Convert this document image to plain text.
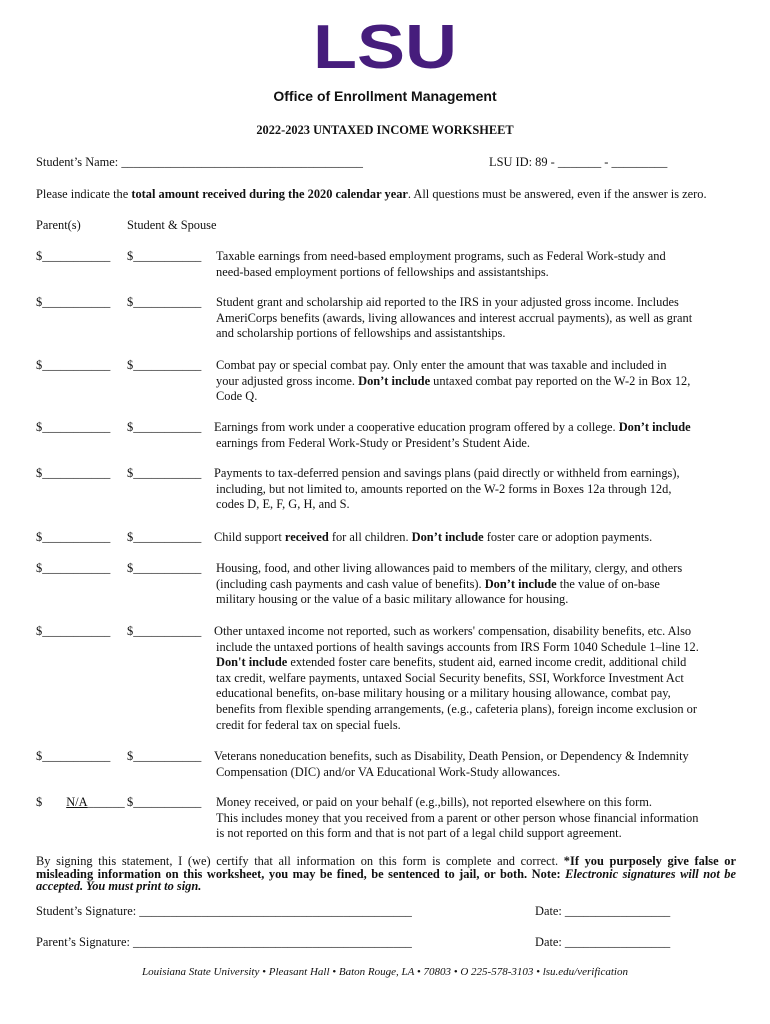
LSU
Office of Enrollment Management
2022-2023 UNTAXED INCOME WORKSHEET
Student’s Name: _______________________________________	LSU ID: 89 - _______ - _________
Please indicate the total amount received during the 2020 calendar year. All questions must be answered, even if the answer is zero.
Parent(s)	Student & Spouse
$___________ $___________ Taxable earnings from need-based employment programs, such as Federal Work-study and
need-based employment portions of fellowships and assistantships.
$___________ $___________ Student grant and scholarship aid reported to the IRS in your adjusted gross income. Includes
AmeriCorps benefits (awards, living allowances and interest accrual payments), as well as grant
and scholarship portions of fellowships and assistantships.
$___________ $___________ Combat pay or special combat pay. Only enter the amount that was taxable and included in
your adjusted gross income. Don’t include untaxed combat pay reported on the W-2 in Box 12,
Code Q.
$___________ $___________ Earnings from work under a cooperative education program offered by a college. Don’t include
earnings from Federal Work-Study or President’s Student Aide.
$___________ $___________ Payments to tax-deferred pension and savings plans (paid directly or withheld from earnings),
including, but not limited to, amounts reported on the W-2 forms in Boxes 12a through 12d,
codes D, E, F, G, H, and S.
$___________ $___________ Child support received for all children. Don’t include foster care or adoption payments.
$___________ $___________ Housing, food, and other living allowances paid to members of the military, clergy, and others
(including cash payments and cash value of benefits). Don’t include the value of on-base
military housing or the value of a basic military allowance for housing.
$___________ $___________ Other untaxed income not reported, such as workers' compensation, disability benefits, etc. Also
include the untaxed portions of health savings accounts from IRS Form 1040 Schedule 1–line 12.
Don't include extended foster care benefits, student aid, earned income credit, additional child
tax credit, welfare payments, untaxed Social Security benefits, SSI, Workforce Investment Act
educational benefits, on-base military housing or a military housing allowance, combat pay,
benefits from flexible spending arrangements, (e.g., cafeteria plans), foreign income exclusion or
credit for federal tax on special fuels.
$___________ $___________ Veterans noneducation benefits, such as Disability, Death Pension, or Dependency & Indemnity
Compensation (DIC) and/or VA Educational Work-Study allowances.
$ N/A______ $___________ Money received, or paid on your behalf (e.g.,bills), not reported elsewhere on this form.
This includes money that you received from a parent or other person whose financial information
is not reported on this form and that is not part of a legal child support agreement.
By signing this statement, I (we) certify that all information on this form is complete and correct. *If you purposely give false or misleading information on this worksheet, you may be fined, be sentenced to jail, or both. Note: Electronic signatures will not be accepted. You must print to sign.
Student’s Signature: ____________________________________________	Date: _________________
Parent’s Signature: _____________________________________________	Date: _________________
Louisiana State University • Pleasant Hall • Baton Rouge, LA • 70803 • O 225-578-3103 • lsu.edu/verification
